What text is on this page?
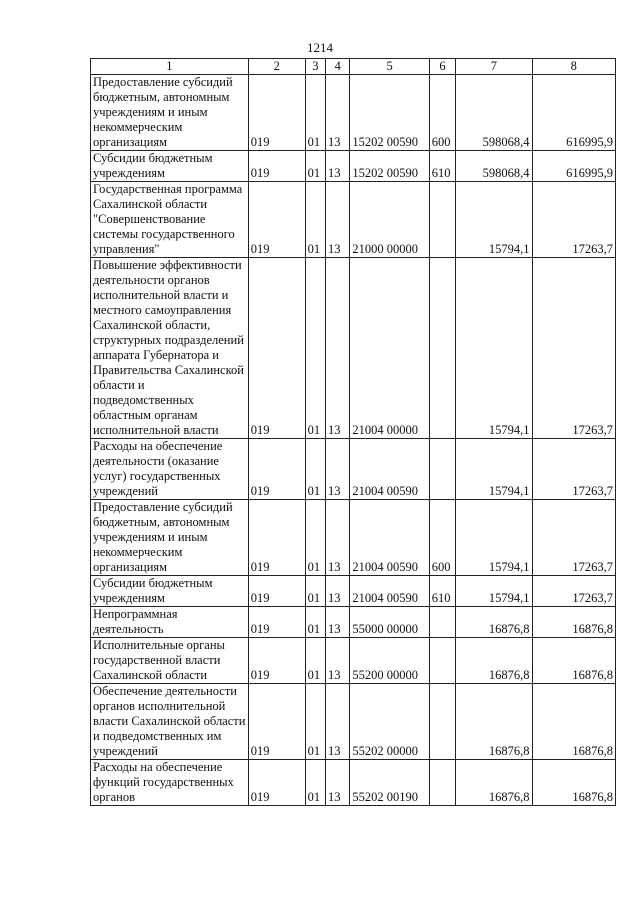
1214
1	2	3	4	5	6	7	8
Предоставление субсидий бюджетным, автономным учреждениям и иным некоммерческим организациям	019	01	13	15202 00590	600	598068,4	616995,9
Субсидии бюджетным учреждениям	019	01	13	15202 00590	610	598068,4	616995,9
Государственная программа Сахалинской области "Совершенствование системы государственного управления"	019	01	13	21000 00000		15794,1	17263,7
Повышение эффективности деятельности органов исполнительной власти и местного самоуправления Сахалинской области, структурных подразделений аппарата Губернатора и Правительства Сахалинской области и подведомственных областным органам исполнительной власти	019	01	13	21004 00000		15794,1	17263,7
Расходы на обеспечение деятельности (оказание услуг) государственных учреждений	019	01	13	21004 00590		15794,1	17263,7
Предоставление субсидий бюджетным, автономным учреждениям и иным некоммерческим организациям	019	01	13	21004 00590	600	15794,1	17263,7
Субсидии бюджетным учреждениям	019	01	13	21004 00590	610	15794,1	17263,7
Непрограммная деятельность	019	01	13	55000 00000		16876,8	16876,8
Исполнительные органы государственной власти Сахалинской области	019	01	13	55200 00000		16876,8	16876,8
Обеспечение деятельности органов исполнительной власти Сахалинской области и подведомственных им учреждений	019	01	13	55202 00000		16876,8	16876,8
Расходы на обеспечение функций государственных органов	019	01	13	55202 00190		16876,8	16876,8
